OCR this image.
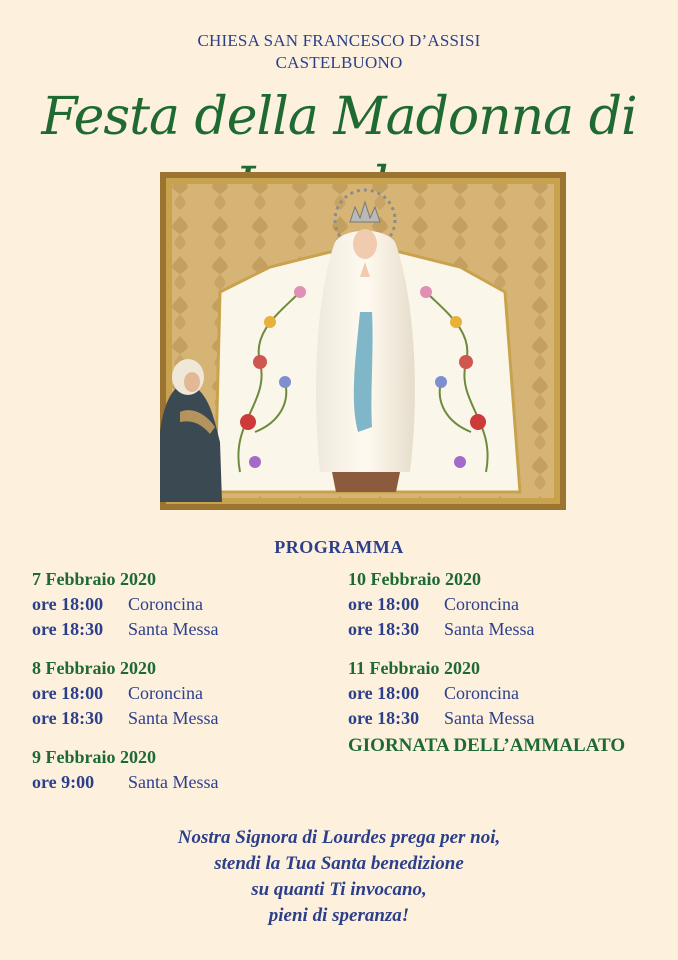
CHIESA SAN FRANCESCO D’ASSISI
CASTELBUONO
Festa della Madonna di
PROGRAMMA
7 Febbraio 2020
ore 18:00	Coroncina
ore 18:30	Santa Messa
8 Febbraio 2020
ore 18:00	Coroncina
ore 18:30	Santa Messa
9 Febbraio 2020
ore 9:00	Santa Messa
10 Febbraio 2020
ore 18:00	Coroncina
ore 18:30	Santa Messa
11 Febbraio 2020
ore 18:00	Coroncina
ore 18:30	Santa Messa
GIORNATA DELL’AMMALATO
Nostra Signora di Lourdes prega per noi,
stendi la Tua Santa benedizione
su quanti Ti invocano,
pieni di speranza!
